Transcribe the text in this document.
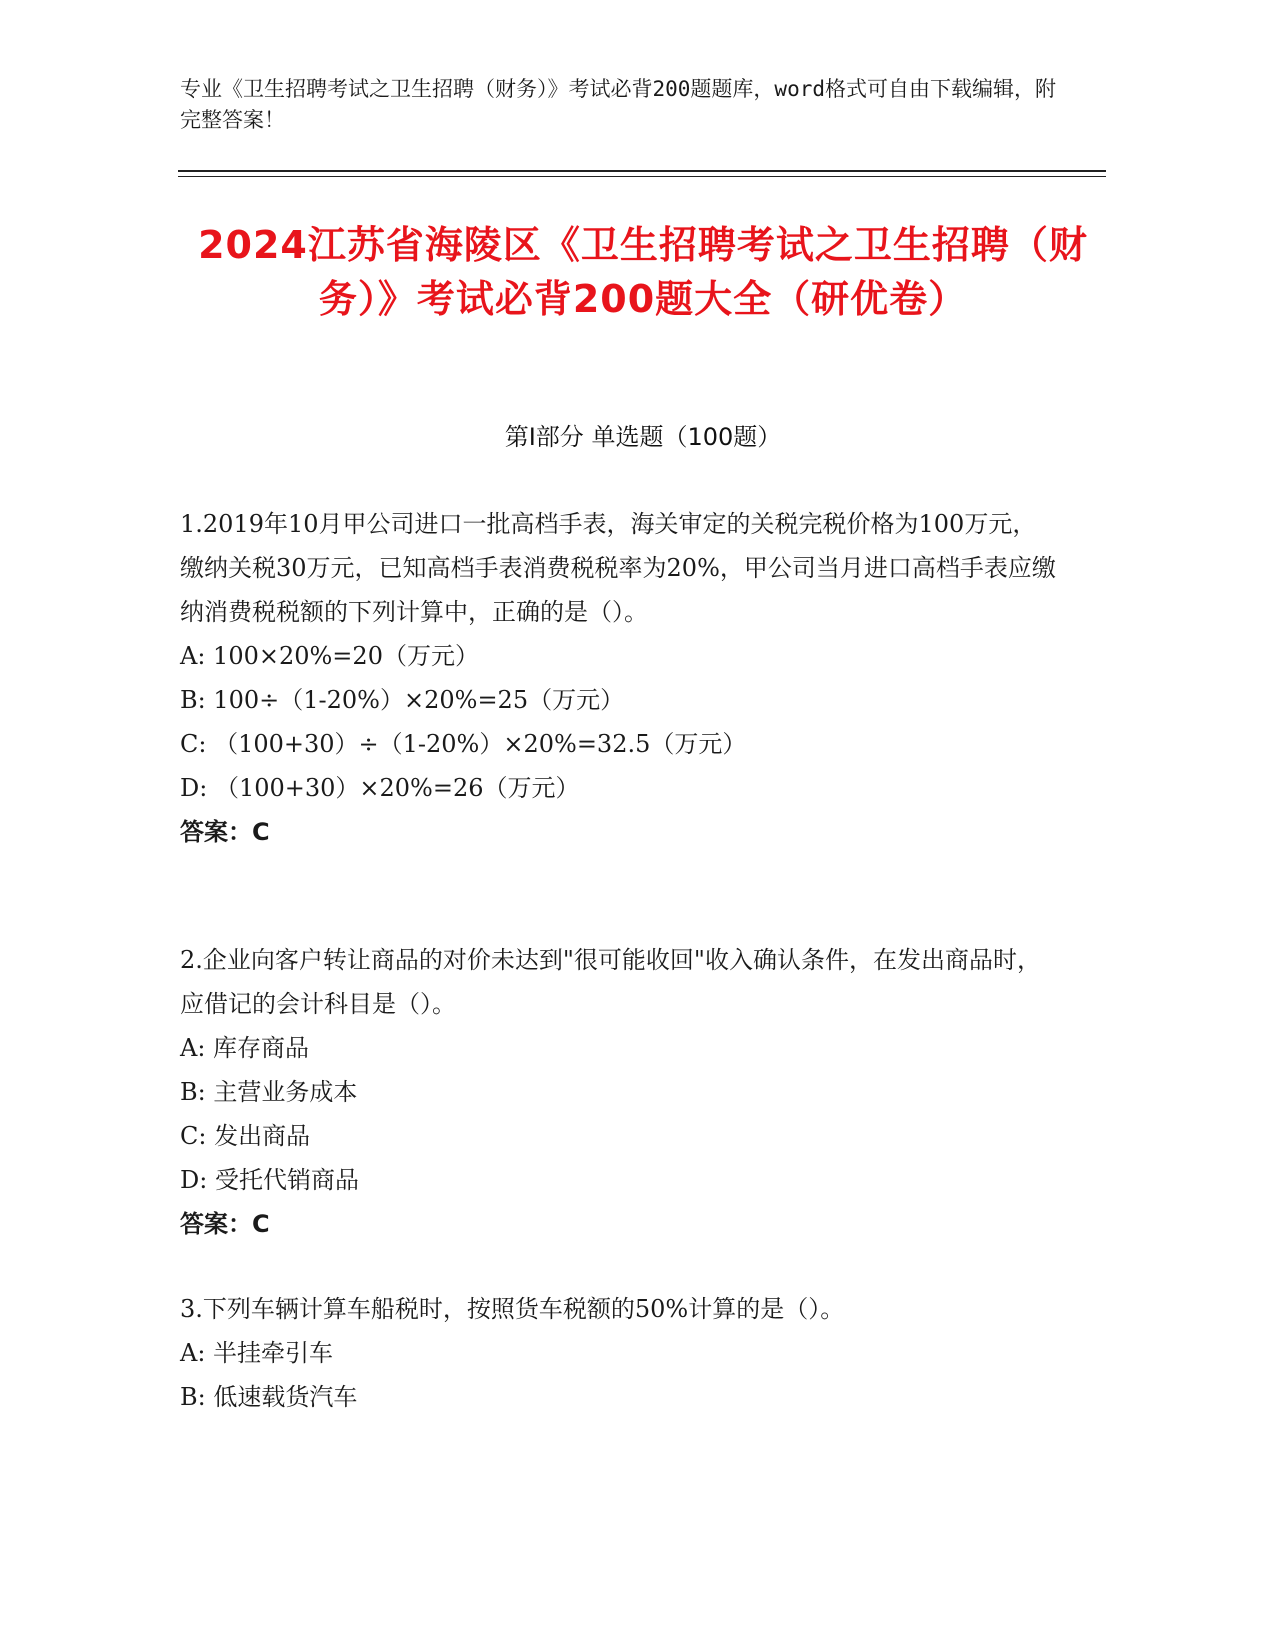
专业《卫生招聘考试之卫生招聘（财务）》考试必背200题题库，word格式可自由下载编辑，附完整答案！
2024江苏省海陵区《卫生招聘考试之卫生招聘（财务）》考试必背200题大全（研优卷）
第Ⅰ部分 单选题（100题）

1.2019年10月甲公司进口一批高档手表，海关审定的关税完税价格为100万元，缴纳关税30万元，已知高档手表消费税税率为20%，甲公司当月进口高档手表应缴纳消费税税额的下列计算中，正确的是（）。

A: 100×20%=20（万元）

B: 100÷（1-20%）×20%=25（万元）

C: （100+30）÷（1-20%）×20%=32.5（万元）

D: （100+30）×20%=26（万元）

答案：C

2.企业向客户转让商品的对价未达到"很可能收回"收入确认条件，在发出商品时，应借记的会计科目是（）。

A: 库存商品

B: 主营业务成本

C: 发出商品

D: 受托代销商品

答案：C

3.下列车辆计算车船税时，按照货车税额的50%计算的是（）。

A: 半挂牵引车

B: 低速载货汽车
